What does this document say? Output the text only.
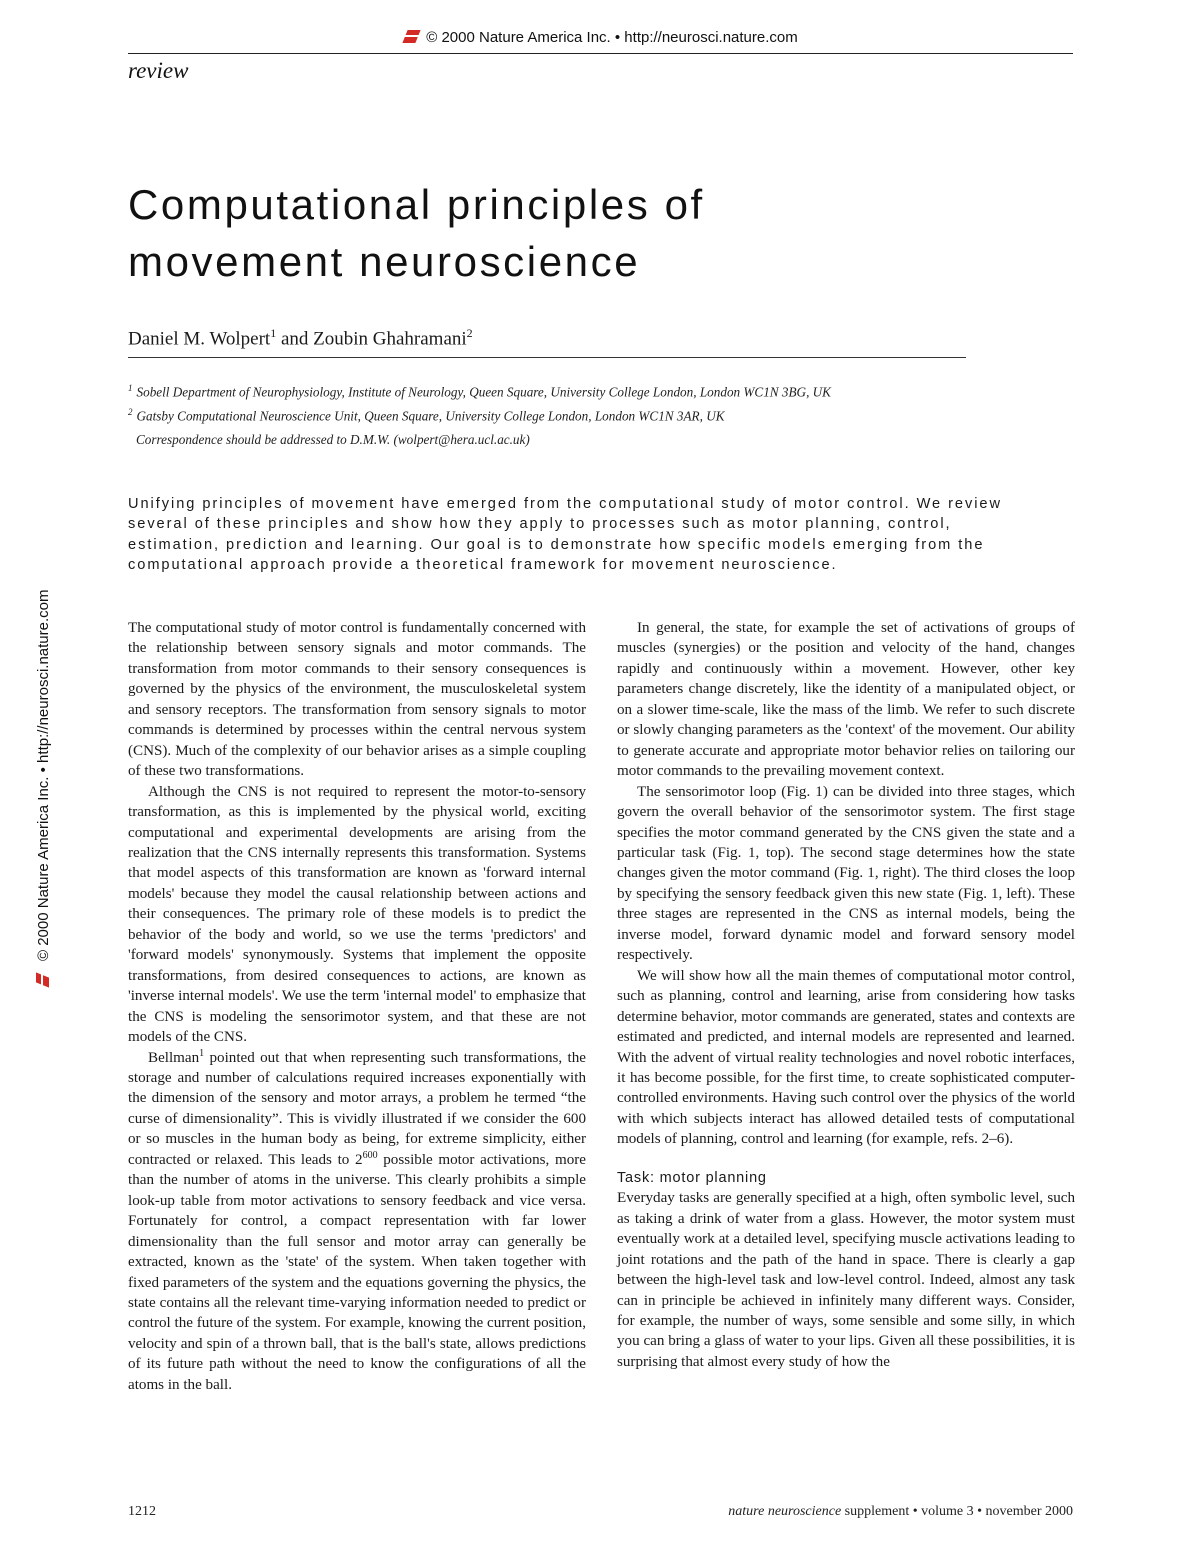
© 2000 Nature America Inc. • http://neurosci.nature.com
review
Computational principles of
movement neuroscience
Daniel M. Wolpert$^1$ and Zoubin Ghahramani$^2$
$^1$ Sobell Department of Neurophysiology, Institute of Neurology, Queen Square, University College London, London WC1N 3BG, UK
$^2$ Gatsby Computational Neuroscience Unit, Queen Square, University College London, London WC1N 3AR, UK
Correspondence should be addressed to D.M.W. (wolpert@hera.ucl.ac.uk)
Unifying principles of movement have emerged from the computational study of motor control. We review several of these principles and show how they apply to processes such as motor planning, control, estimation, prediction and learning. Our goal is to demonstrate how specific models emerging from the computational approach provide a theoretical framework for movement neuroscience.

The computational study of motor control is fundamentally concerned with the relationship between sensory signals and motor commands. The transformation from motor commands to their sensory consequences is governed by the physics of the environment, the musculoskeletal system and sensory receptors. The transformation from sensory signals to motor commands is determined by processes within the central nervous system (CNS). Much of the complexity of our behavior arises as a simple coupling of these two transformations.

Although the CNS is not required to represent the motor-to-sensory transformation, as this is implemented by the physical world, exciting computational and experimental developments are arising from the realization that the CNS internally represents this transformation. Systems that model aspects of this transformation are known as 'forward internal models' because they model the causal relationship between actions and their consequences. The primary role of these models is to predict the behavior of the body and world, so we use the terms 'predictors' and 'forward models' synonymously. Systems that implement the opposite transformations, from desired consequences to actions, are known as 'inverse internal models'. We use the term 'internal model' to emphasize that the CNS is modeling the sensorimotor system, and that these are not models of the CNS.

Bellman$^1$ pointed out that when representing such transformations, the storage and number of calculations required increases exponentially with the dimension of the sensory and motor arrays, a problem he termed “the curse of dimensionality”. This is vividly illustrated if we consider the 600 or so muscles in the human body as being, for extreme simplicity, either contracted or relaxed. This leads to $2^{600}$ possible motor activations, more than the number of atoms in the universe. This clearly prohibits a simple look-up table from motor activations to sensory feedback and vice versa. Fortunately for control, a compact representation with far lower dimensionality than the full sensor and motor array can generally be extracted, known as the 'state' of the system. When taken together with fixed parameters of the system and the equations governing the physics, the state contains all the relevant time-varying information needed to predict or control the future of the system. For example, knowing the current position, velocity and spin of a thrown ball, that is the ball's state, allows predictions of its future path without the need to know the configurations of all the atoms in the ball.

In general, the state, for example the set of activations of groups of muscles (synergies) or the position and velocity of the hand, changes rapidly and continuously within a movement. However, other key parameters change discretely, like the identity of a manipulated object, or on a slower time-scale, like the mass of the limb. We refer to such discrete or slowly changing parameters as the 'context' of the movement. Our ability to generate accurate and appropriate motor behavior relies on tailoring our motor commands to the prevailing movement context.

The sensorimotor loop (Fig. 1) can be divided into three stages, which govern the overall behavior of the sensorimotor system. The first stage specifies the motor command generated by the CNS given the state and a particular task (Fig. 1, top). The second stage determines how the state changes given the motor command (Fig. 1, right). The third closes the loop by specifying the sensory feedback given this new state (Fig. 1, left). These three stages are represented in the CNS as internal models, being the inverse model, forward dynamic model and forward sensory model respectively.

We will show how all the main themes of computational motor control, such as planning, control and learning, arise from considering how tasks determine behavior, motor commands are generated, states and contexts are estimated and predicted, and internal models are represented and learned. With the advent of virtual reality technologies and novel robotic interfaces, it has become possible, for the first time, to create sophisticated computer-controlled environments. Having such control over the physics of the world with which subjects interact has allowed detailed tests of computational models of planning, control and learning (for example, refs. 2–6).

Task: motor planning

Everyday tasks are generally specified at a high, often symbolic level, such as taking a drink of water from a glass. However, the motor system must eventually work at a detailed level, specifying muscle activations leading to joint rotations and the path of the hand in space. There is clearly a gap between the high-level task and low-level control. Indeed, almost any task can in principle be achieved in infinitely many different ways. Consider, for example, the number of ways, some sensible and some silly, in which you can bring a glass of water to your lips. Given all these possibilities, it is surprising that almost every study of how the

1212	nature neuroscience supplement • volume 3 • november 2000
© 2000 Nature America Inc. • http://neurosci.nature.com
